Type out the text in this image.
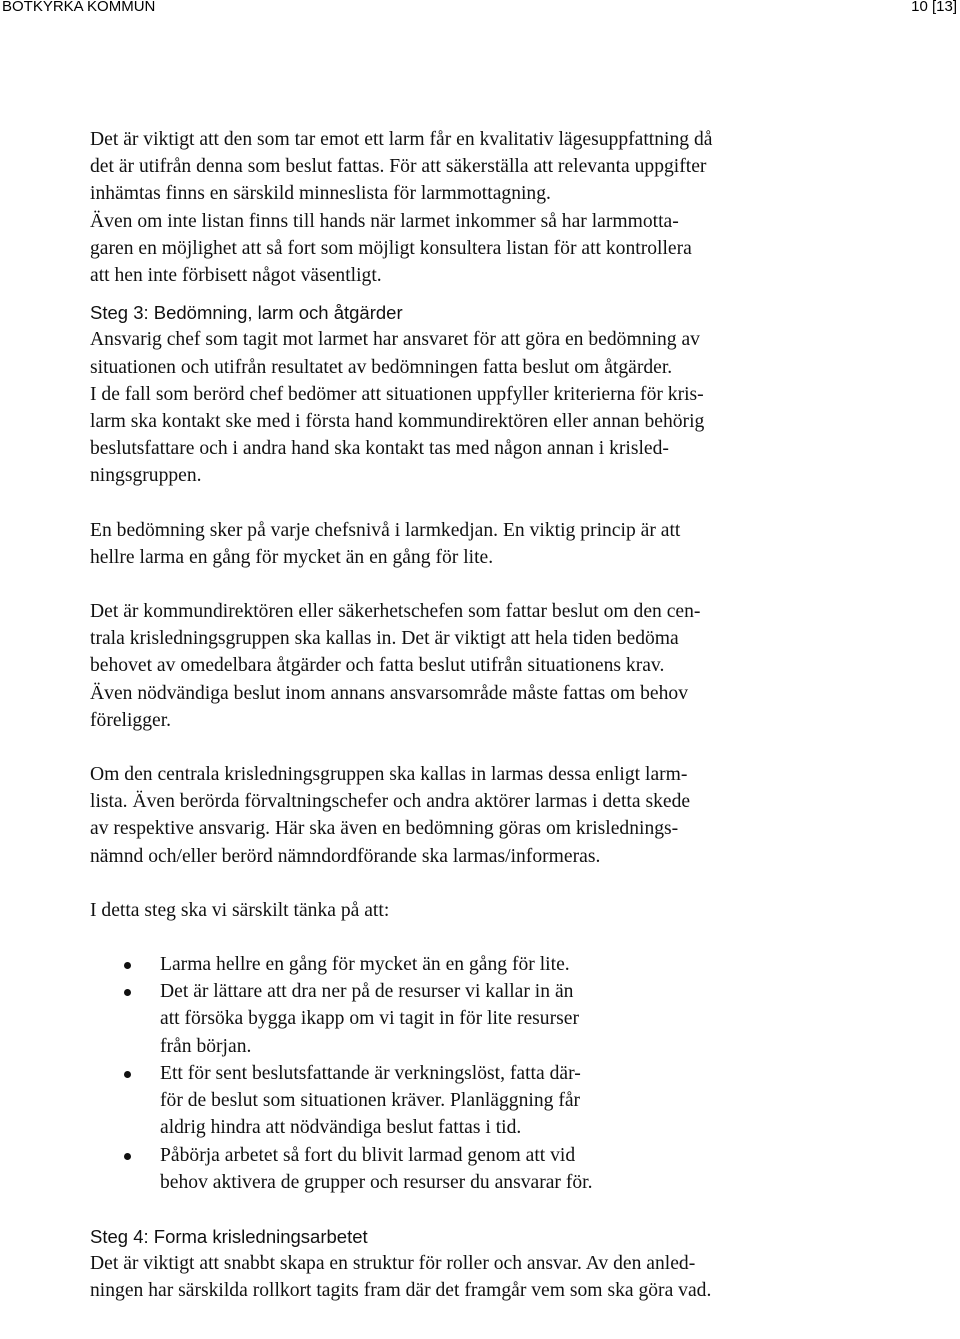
BOTKYRKA KOMMUN	10 [13]

Det är viktigt att den som tar emot ett larm får en kvalitativ lägesuppfattning då
det är utifrån denna som beslut fattas. För att säkerställa att relevanta uppgifter
inhämtas finns en särskild minneslista för larmmottagning.
Även om inte listan finns till hands när larmet inkommer så har larmmotta-
garen en möjlighet att så fort som möjligt konsultera listan för att kontrollera
att hen inte förbisett något väsentligt.

Steg 3: Bedömning, larm och åtgärder

Ansvarig chef som tagit mot larmet har ansvaret för att göra en bedömning av
situationen och utifrån resultatet av bedömningen fatta beslut om åtgärder.
I de fall som berörd chef bedömer att situationen uppfyller kriterierna för kris-
larm ska kontakt ske med i första hand kommundirektören eller annan behörig
beslutsfattare och i andra hand ska kontakt tas med någon annan i krisled-
ningsgruppen.

En bedömning sker på varje chefsnivå i larmkedjan. En viktig princip är att
hellre larma en gång för mycket än en gång för lite.

Det är kommundirektören eller säkerhetschefen som fattar beslut om den cen-
trala krisledningsgruppen ska kallas in. Det är viktigt att hela tiden bedöma
behovet av omedelbara åtgärder och fatta beslut utifrån situationens krav.
Även nödvändiga beslut inom annans ansvarsområde måste fattas om behov
föreligger.

Om den centrala krisledningsgruppen ska kallas in larmas dessa enligt larm-
lista. Även berörda förvaltningschefer och andra aktörer larmas i detta skede
av respektive ansvarig. Här ska även en bedömning göras om krislednings-
nämnd och/eller berörd nämndordförande ska larmas/informeras.

I detta steg ska vi särskilt tänka på att:

Larma hellre en gång för mycket än en gång för lite.
Det är lättare att dra ner på de resurser vi kallar in än
att försöka bygga ikapp om vi tagit in för lite resurser
från början.
Ett för sent beslutsfattande är verkningslöst, fatta där-
för de beslut som situationen kräver. Planläggning får
aldrig hindra att nödvändiga beslut fattas i tid.
Påbörja arbetet så fort du blivit larmad genom att vid
behov aktivera de grupper och resurser du ansvarar för.
Steg 4: Forma krisledningsarbetet

Det är viktigt att snabbt skapa en struktur för roller och ansvar. Av den anled-
ningen har särskilda rollkort tagits fram där det framgår vem som ska göra vad.
